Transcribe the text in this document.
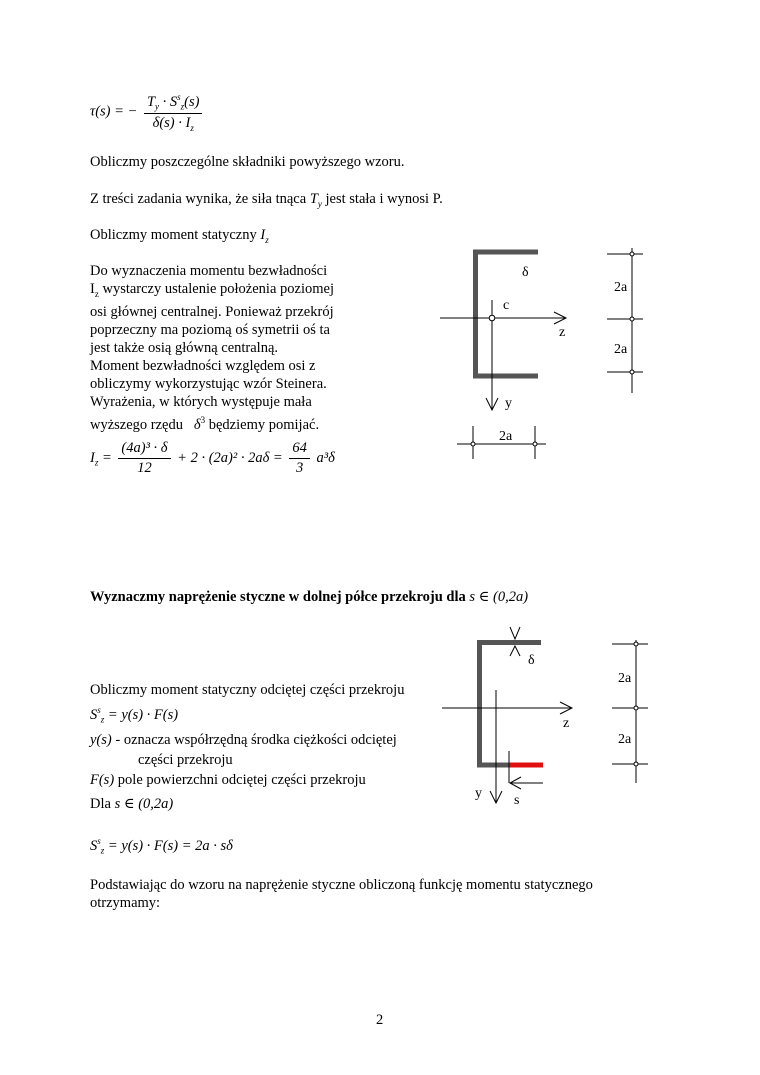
τ(s) = − $\frac{T_y \cdot S^s_z(s)}{\delta(s) \cdot I_z}$
Obliczmy poszczególne składniki powyższego wzoru.
Z treści zadania wynika, że siła tnąca $T_y$ jest stała i wynosi P.
Obliczmy moment statyczny $I_z$
Do wyznaczenia momentu bezwładności
$I_z$ wystarczy ustalenie położenia poziomej
osi głównej centralnej. Ponieważ przekrój
poprzeczny ma poziomą oś symetrii oś ta
jest także osią główną centralną.
Moment bezwładności względem osi z
obliczymy wykorzystując wzór Steinera.
Wyrażenia, w których występuje mała
wyższego rzędu $\delta^3$ będziemy pomijać.
$I_z = \frac{\text{(4a)³ · δ}}{12} + 2 \cdot (2a)^2 \cdot 2a\delta = \frac{64}{3} a^3\delta$
δ
c
z
y
2a
2a
2a
δ
z
y s
2a
2a
Wyznaczmy naprężenie styczne w dolnej półce przekroju dla s ∈ (0,2a)
Obliczmy moment statyczny odciętej części przekroju
$S^s_z = y(s) \cdot F(s)$
y(s) - oznacza współrzędną środka ciężkości odciętej
części przekroju
F(s) pole powierzchni odciętej części przekroju
Dla s ∈ (0,2a)
$S^s_z = y(s) \cdot F(s) = 2a \cdot s\delta$
Podstawiając do wzoru na naprężenie styczne obliczoną funkcję momentu statycznego
otrzymamy:
2
